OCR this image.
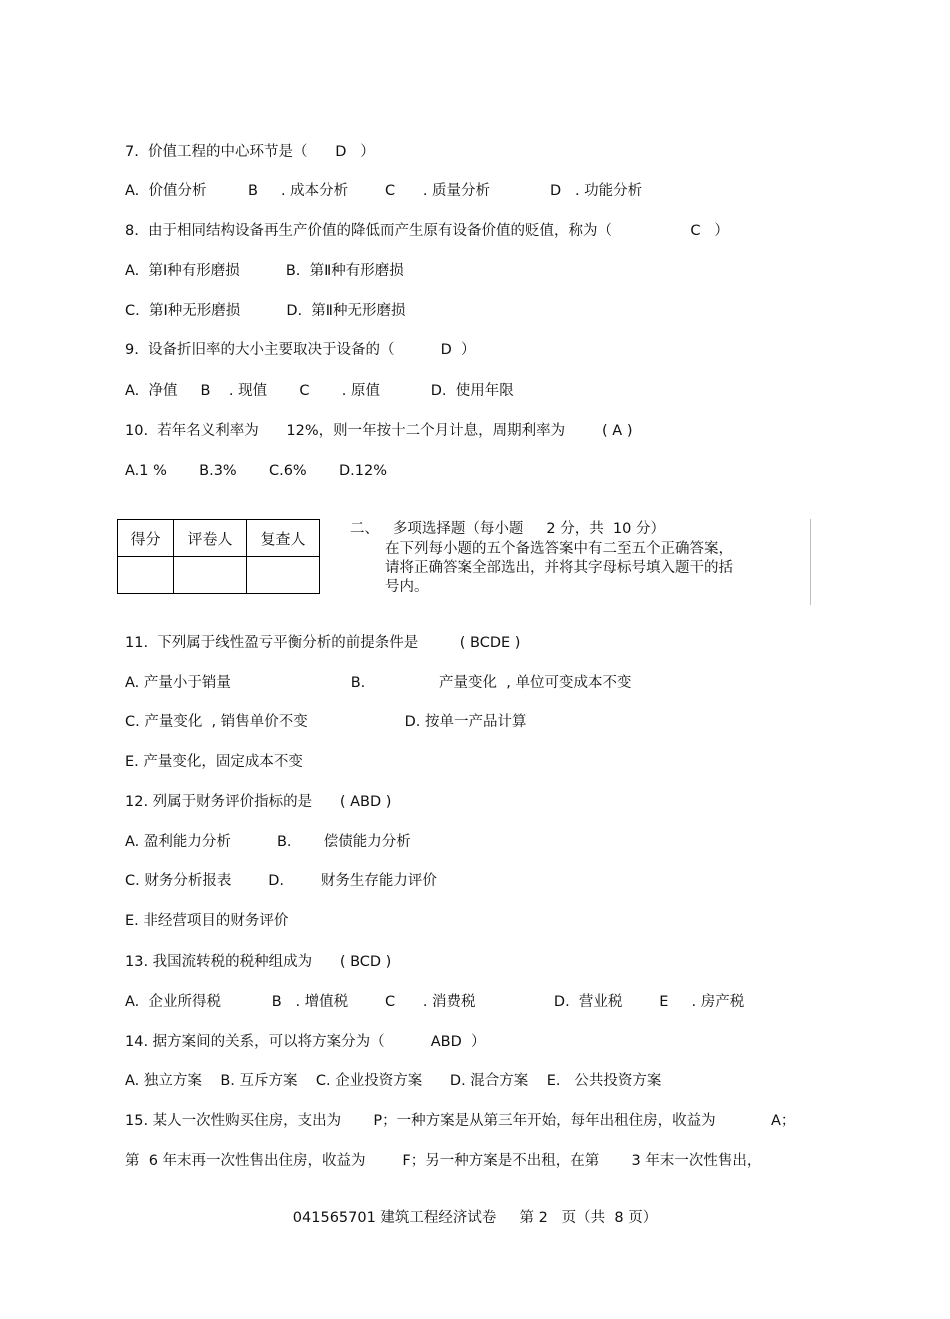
7.  价值工程的中心环节是（      D   ）

A.  价值分析         B     . 成本分析        C      . 质量分析             D   . 功能分析

8.  由于相同结构设备再生产价值的降低而产生原有设备价值的贬值，称为（                 C   ）

A.  第Ⅰ种有形磨损          B.  第Ⅱ种有形磨损

C.  第Ⅰ种无形磨损          D.  第Ⅱ种无形磨损

9.  设备折旧率的大小主要取决于设备的（          D  ）

A.  净值     B    . 现值       C       . 原值           D.  使用年限

10.  若年名义利率为      12%，则一年按十二个月计息，周期利率为        ( A )

A.1 %       B.3%       C.6%       D.12%

得分	评卷人	复查人

二、   多项选择题（每小题     2 分，共  10 分）

在下列每小题的五个备选答案中有二至五个正确答案，请将正确答案全部选出，并将其字母标号填入题干的括号内。

11.  下列属于线性盈亏平衡分析的前提条件是         ( BCDE )

A. 产量小于销量                          B.                产量变化  , 单位可变成本不变

C. 产量变化  , 销售单价不变                     D. 按单一产品计算

E. 产量变化，固定成本不变

12. 列属于财务评价指标的是      ( ABD )

A. 盈利能力分析          B.       偿债能力分析

C. 财务分析报表        D.        财务生存能力评价

E. 非经营项目的财务评价

13. 我国流转税的税种组成为      ( BCD )

A.  企业所得税           B   . 增值税        C      . 消费税                 D.  营业税        E     . 房产税

14. 据方案间的关系，可以将方案分为（          ABD  ）

A. 独立方案    B. 互斥方案    C. 企业投资方案      D. 混合方案    E.   公共投资方案

15. 某人一次性购买住房，支出为       P；一种方案是从第三年开始，每年出租住房，收益为            A；

第  6 年末再一次性售出住房，收益为        F；另一种方案是不出租，在第       3 年末一次性售出，

041565701 建筑工程经济试卷     第 2   页（共  8 页）
